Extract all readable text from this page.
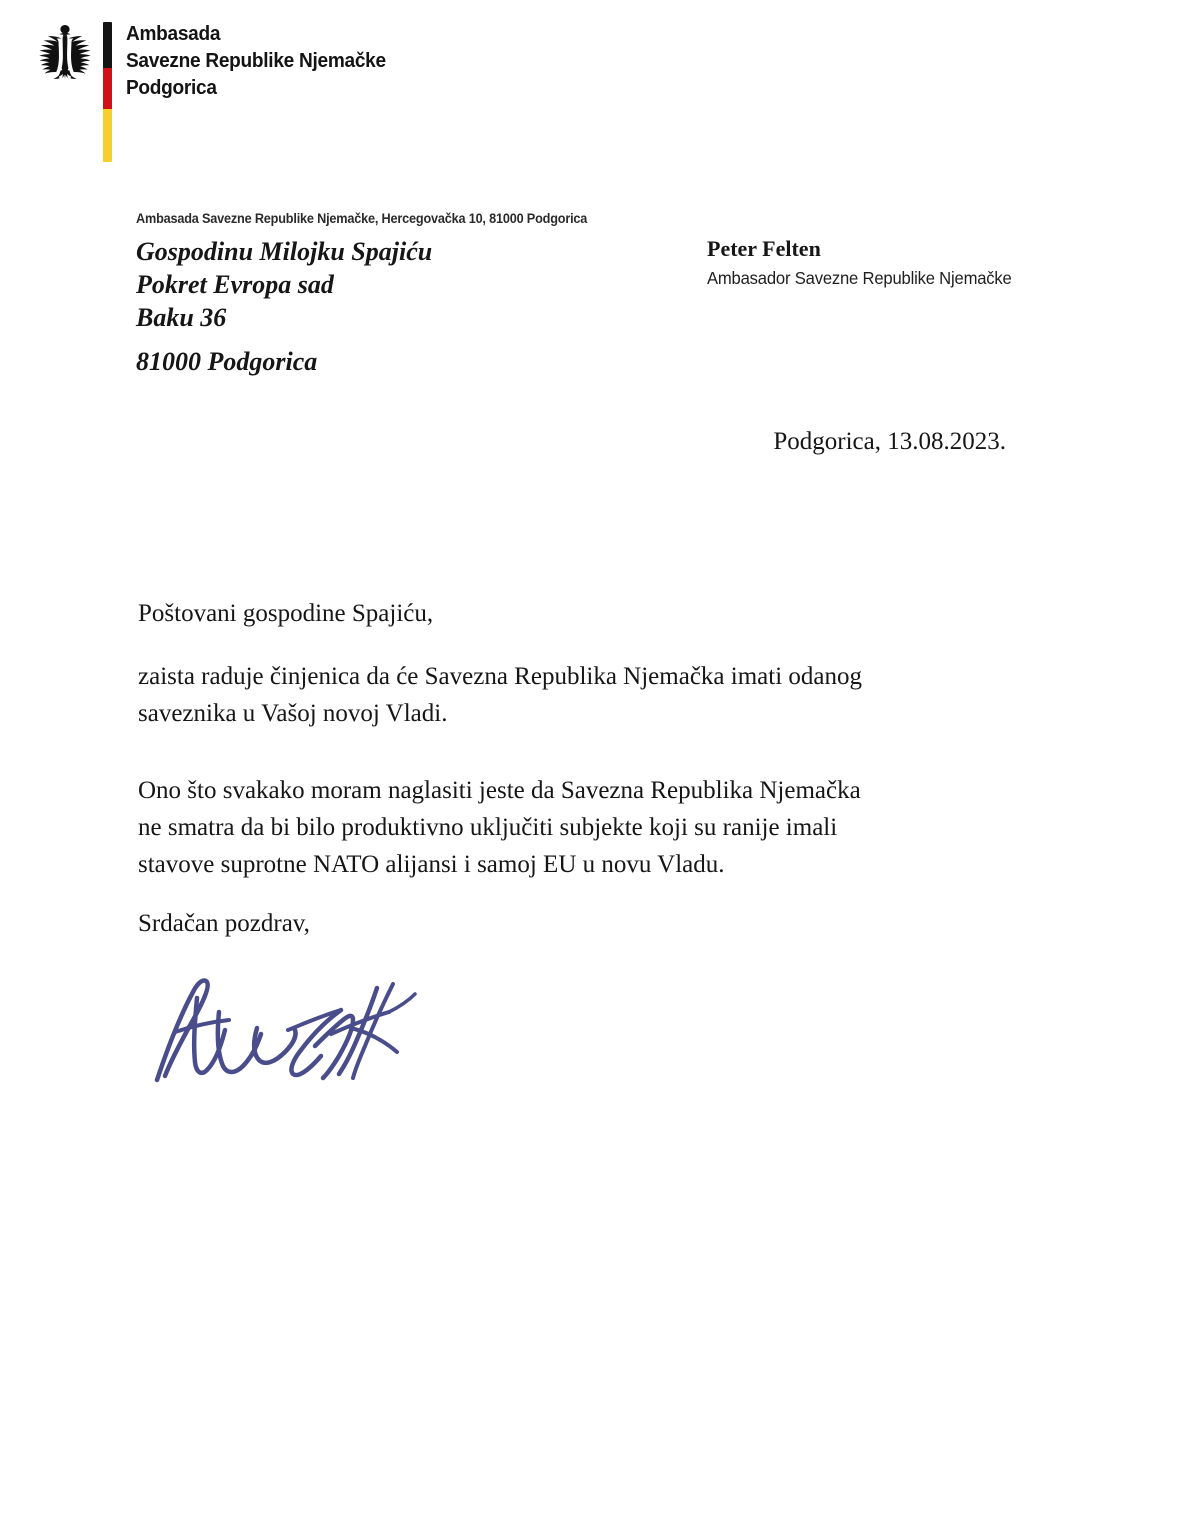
Ambasada
Savezne Republike Njemačke
Podgorica
Ambasada Savezne Republike Njemačke, Hercegovačka 10, 81000 Podgorica
Gospodinu Milojku Spajiću
Pokret Evropa sad
Baku 36
81000 Podgorica
Peter Felten
Ambasador Savezne Republike Njemačke
Podgorica, 13.08.2023.
Poštovani gospodine Spajiću,
zaista raduje činjenica da će Savezna Republika Njemačka imati odanog
saveznika u Vašoj novoj Vladi.
Ono što svakako moram naglasiti jeste da Savezna Republika Njemačka
ne smatra da bi bilo produktivno uključiti subjekte koji su ranije imali
stavove suprotne NATO alijansi i samoj EU u novu Vladu.
Srdačan pozdrav,
